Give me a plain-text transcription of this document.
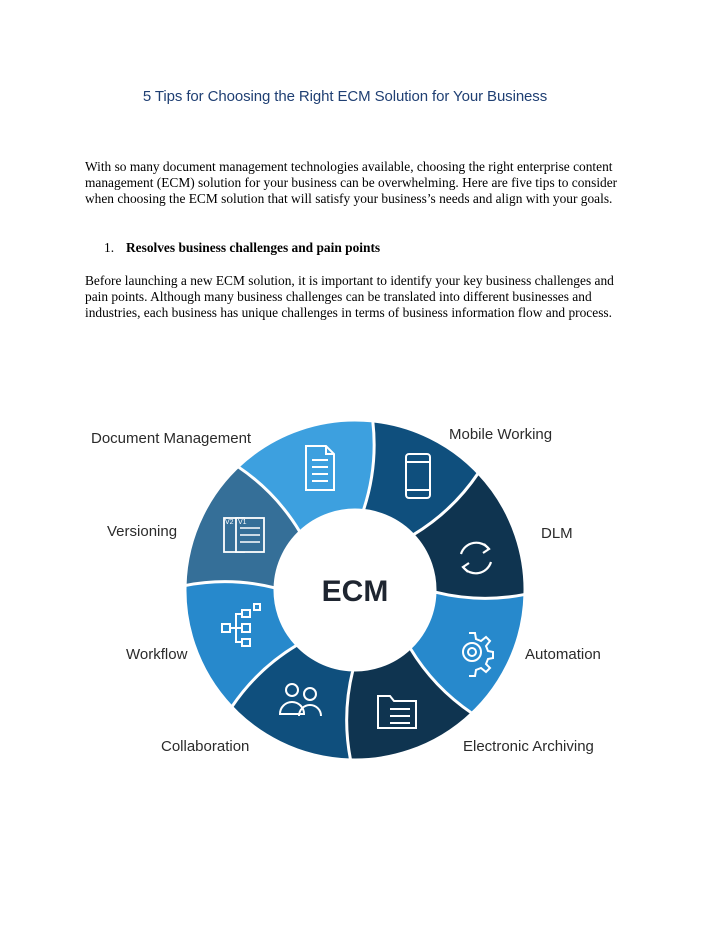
5 Tips for Choosing the Right ECM Solution for Your Business

With so many document management technologies available, choosing the right enterprise content management (ECM) solution for your business can be overwhelming. Here are five tips to consider when choosing the ECM solution that will satisfy your business’s needs and align with your goals.

1. Resolves business challenges and pain points

Before launching a new ECM solution, it is important to identify your key business challenges and pain points. Although many business challenges can be translated into different businesses and industries, each business has unique challenges in terms of business information flow and process.

ECM
V2 V1
Mobile Working
DLM
Automation
Electronic Archiving
Collaboration
Workflow
Versioning
Document Management
